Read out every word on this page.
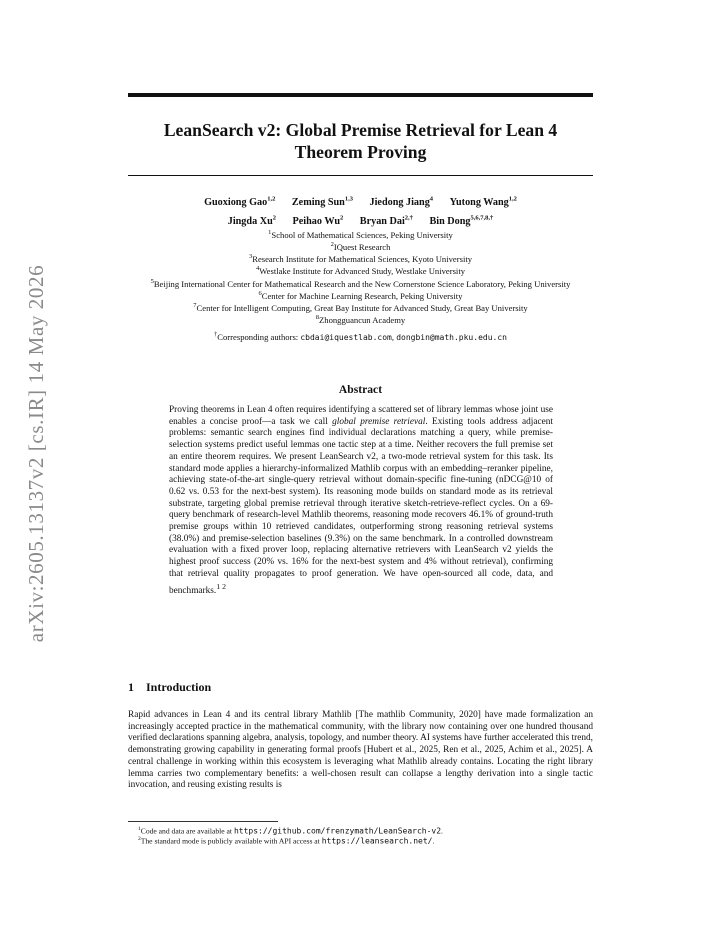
arXiv:2605.13137v2 [cs.IR] 14 May 2026
LeanSearch v2: Global Premise Retrieval for Lean 4 Theorem Proving
Guoxiong Gao$^{1,2}$ Zeming Sun$^{1,3}$ Jiedong Jiang$^4$ Yutong Wang$^{1,2}$
Jingda Xu$^2$ Peihao Wu$^2$ Bryan Dai$^{2,\dagger}$ Bin Dong$^{5,6,7,8,\dagger}$
$^1$School of Mathematical Sciences, Peking University
$^2$IQuest Research
$^3$Research Institute for Mathematical Sciences, Kyoto University
$^4$Westlake Institute for Advanced Study, Westlake University
$^5$Beijing International Center for Mathematical Research and the New Cornerstone Science Laboratory, Peking University
$^6$Center for Machine Learning Research, Peking University
$^7$Center for Intelligent Computing, Great Bay Institute for Advanced Study, Great Bay University
$^8$Zhongguancun Academy
†Corresponding authors: cbdai@iquestlab.com, dongbin@math.pku.edu.cn
Abstract
Proving theorems in Lean 4 often requires identifying a scattered set of library lemmas whose joint use enables a concise proof—a task we call global premise retrieval. Existing tools address adjacent problems: semantic search engines find individual declarations matching a query, while premise-selection systems predict useful lemmas one tactic step at a time. Neither recovers the full premise set an entire theorem requires. We present LeanSearch v2, a two-mode retrieval system for this task. Its standard mode applies a hierarchy-informalized Mathlib corpus with an embedding–reranker pipeline, achieving state-of-the-art single-query retrieval without domain-specific fine-tuning (nDCG@10 of 0.62 vs. 0.53 for the next-best system). Its reasoning mode builds on standard mode as its retrieval substrate, targeting global premise retrieval through iterative sketch-retrieve-reflect cycles. On a 69-query benchmark of research-level Mathlib theorems, reasoning mode recovers 46.1% of ground-truth premise groups within 10 retrieved candidates, outperforming strong reasoning retrieval systems (38.0%) and premise-selection baselines (9.3%) on the same benchmark. In a controlled downstream evaluation with a fixed prover loop, replacing alternative retrievers with LeanSearch v2 yields the highest proof success (20% vs. 16% for the next-best system and 4% without retrieval), confirming that retrieval quality propagates to proof generation. We have open-sourced all code, data, and benchmarks.$^{1 2}$
1 Introduction
Rapid advances in Lean 4 and its central library Mathlib [The mathlib Community, 2020] have made formalization an increasingly accepted practice in the mathematical community, with the library now containing over one hundred thousand verified declarations spanning algebra, analysis, topology, and number theory. AI systems have further accelerated this trend, demonstrating growing capability in generating formal proofs [Hubert et al., 2025, Ren et al., 2025, Achim et al., 2025]. A central challenge in working within this ecosystem is leveraging what Mathlib already contains. Locating the right library lemma carries two complementary benefits: a well-chosen result can collapse a lengthy derivation into a single tactic invocation, and reusing existing results is
$^1$Code and data are available at https://github.com/frenzymath/LeanSearch-v2.
$^2$The standard mode is publicly available with API access at https://leansearch.net/.
